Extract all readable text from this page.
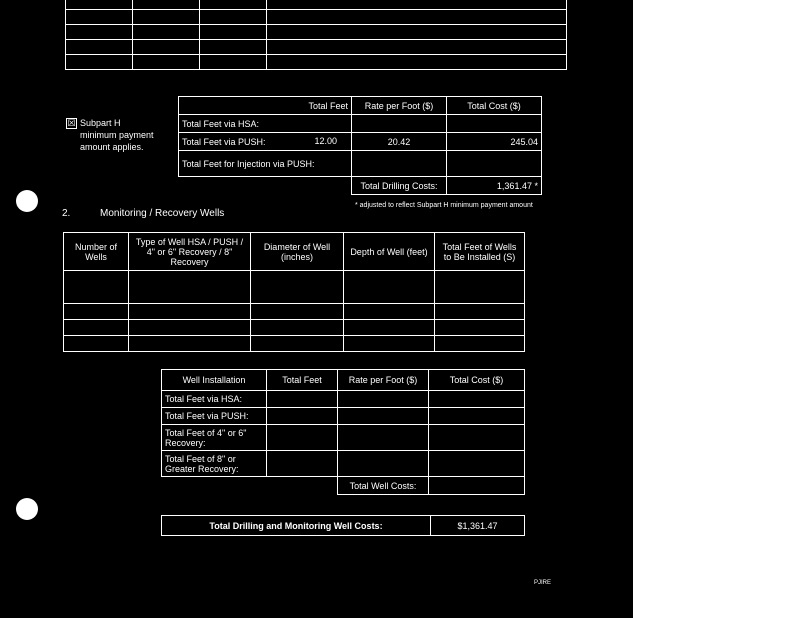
☒ Subpart H
minimum payment
amount applies.
Total Feet	Rate per Foot ($)	Total Cost ($)
Total Feet via HSA:		
Total Feet via PUSH: 12.00	20.42	245.04
Total Feet for Injection via PUSH:		
	Total Drilling Costs:	1,361.47 *
* adjusted to reflect Subpart H minimum payment amount
2.	Monitoring / Recovery Wells
Number of Wells	Type of Well HSA / PUSH / 4" or 6" Recovery / 8" Recovery	Diameter of Well (inches)	Depth of Well (feet)	Total Feet of Wells to Be Installed (S)

Well Installation	Total Feet	Rate per Foot ($)	Total Cost ($)
Total Feet via HSA:			
Total Feet via PUSH:			
Total Feet of 4" or 6" Recovery:			
Total Feet of 8" or Greater Recovery:			
		Total Well Costs:	
Total Drilling and Monitoring Well Costs:	$1,361.47
PJIRE
